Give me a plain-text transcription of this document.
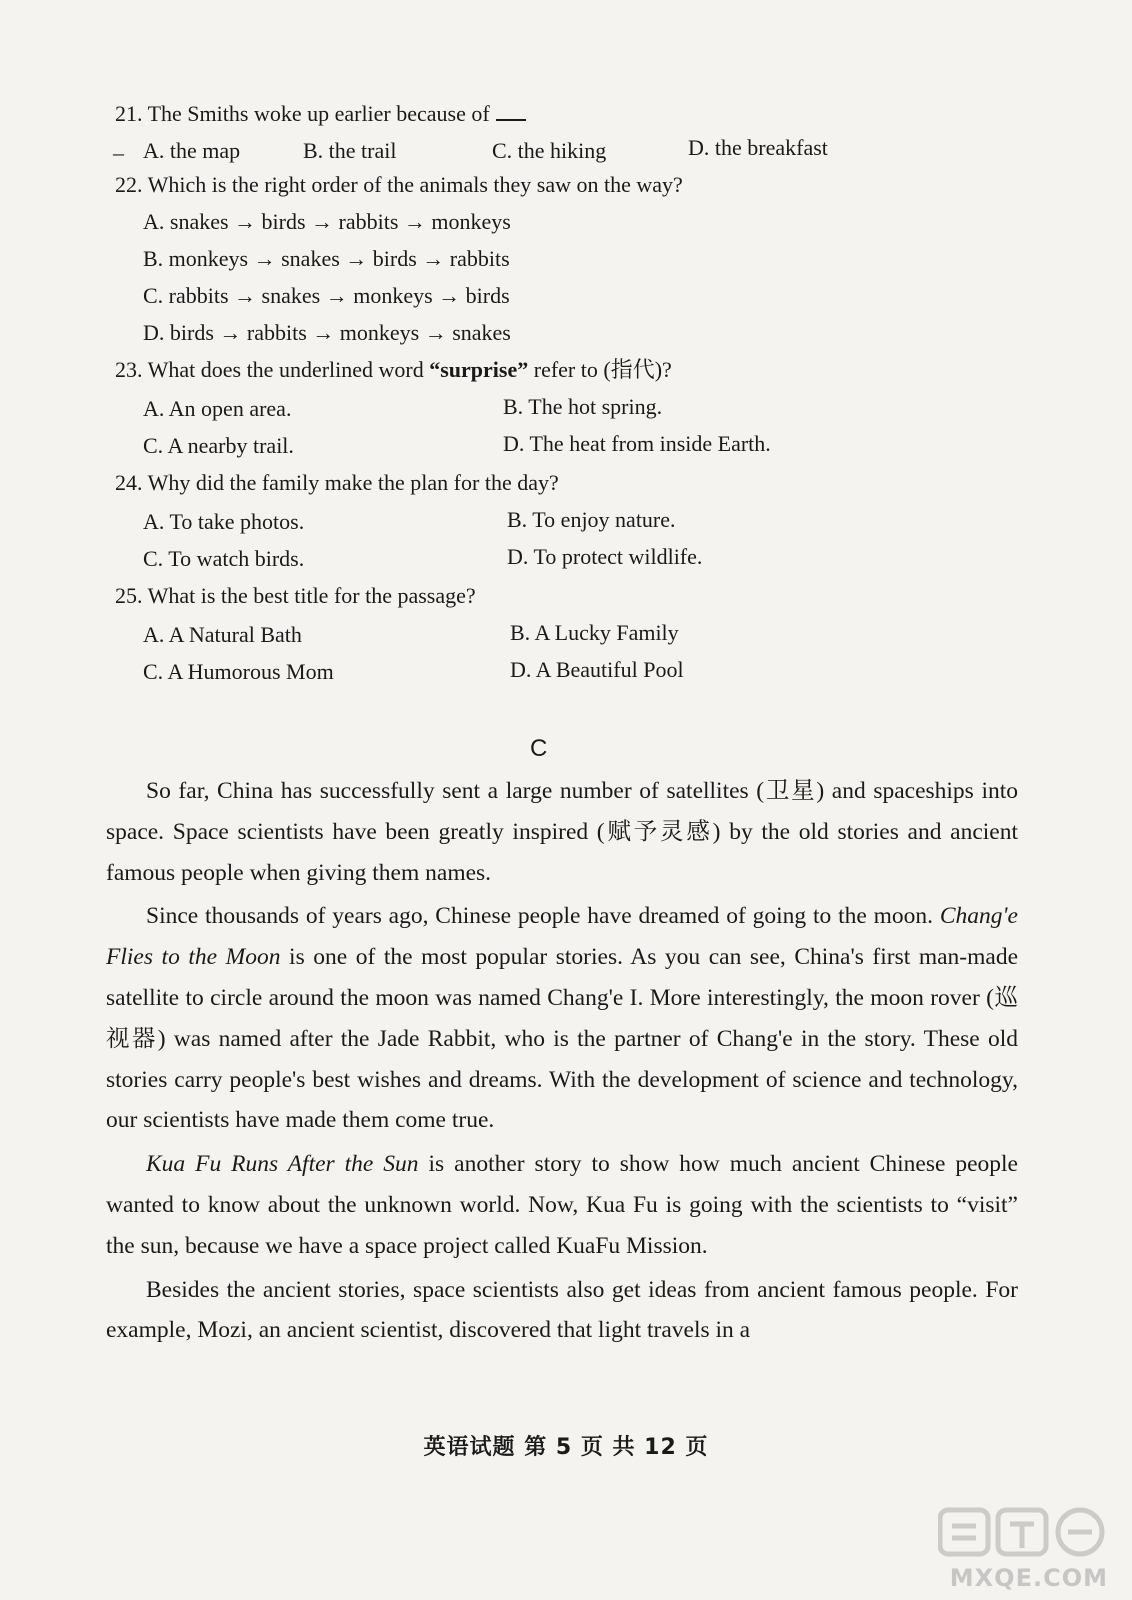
21. The Smiths woke up earlier because of
– A. the map	B. the trail	C. the hiking	D. the breakfast
22. Which is the right order of the animals they saw on the way?
A. snakes → birds → rabbits → monkeys
B. monkeys → snakes → birds → rabbits
C. rabbits → snakes → monkeys → birds
D. birds → rabbits → monkeys → snakes
23. What does the underlined word “surprise” refer to (指代)?
A. An open area.	B. The hot spring.
C. A nearby trail.	D. The heat from inside Earth.
24. Why did the family make the plan for the day?
A. To take photos.	B. To enjoy nature.
C. To watch birds.	D. To protect wildlife.
25. What is the best title for the passage?
A. A Natural Bath	B. A Lucky Family
C. A Humorous Mom	D. A Beautiful Pool
C

So far, China has successfully sent a large number of satellites (卫星) and spaceships into space. Space scientists have been greatly inspired (赋予灵感) by the old stories and ancient famous people when giving them names.

Since thousands of years ago, Chinese people have dreamed of going to the moon. Chang'e Flies to the Moon is one of the most popular stories. As you can see, China's first man-made satellite to circle around the moon was named Chang'e I. More interestingly, the moon rover (巡视器) was named after the Jade Rabbit, who is the partner of Chang'e in the story. These old stories carry people's best wishes and dreams. With the development of science and technology, our scientists have made them come true.

Kua Fu Runs After the Sun is another story to show how much ancient Chinese people wanted to know about the unknown world. Now, Kua Fu is going with the scientists to “visit” the sun, because we have a space project called KuaFu Mission.

Besides the ancient stories, space scientists also get ideas from ancient famous people. For example, Mozi, an ancient scientist, discovered that light travels in a

英语试题 第 5 页 共 12 页
MXQE.COM
